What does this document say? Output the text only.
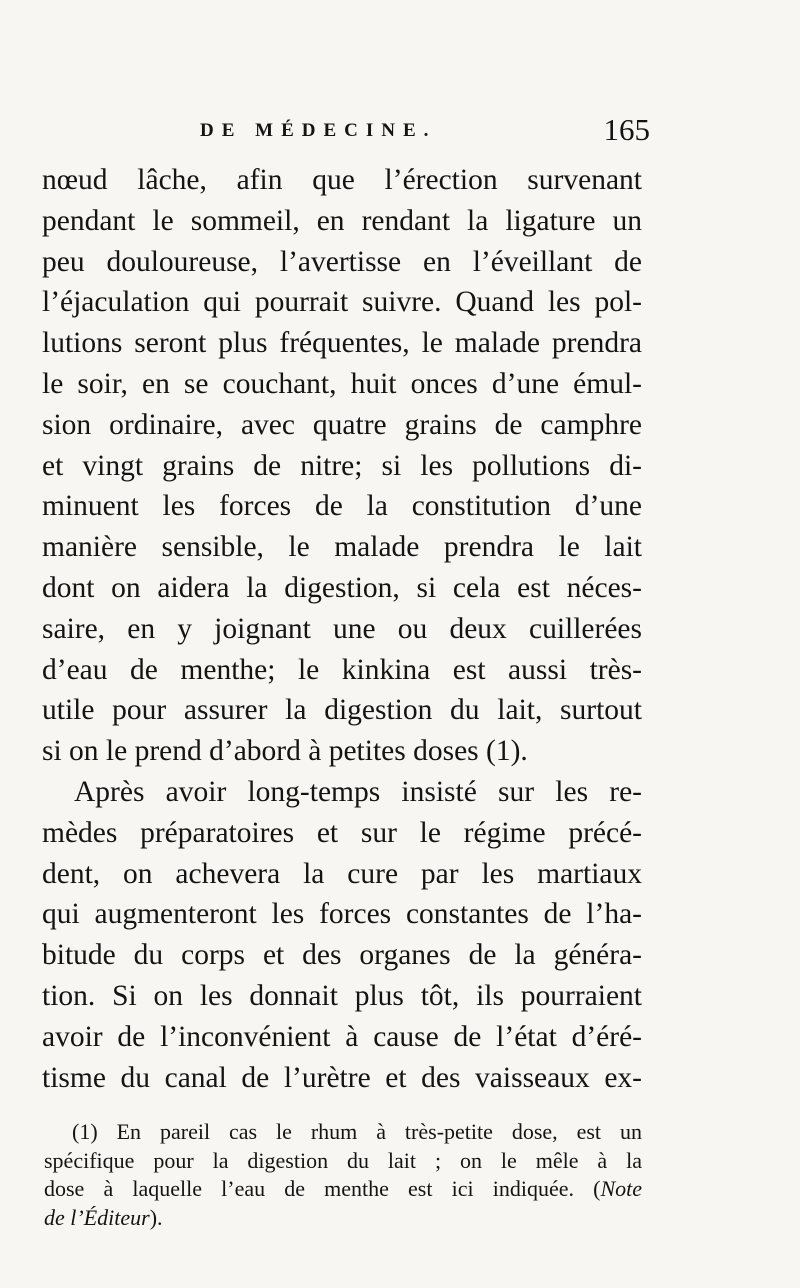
DE MÉDECINE.	165
nœud lâche, afin que l’érection survenant
pendant le sommeil, en rendant la ligature un
peu douloureuse, l’avertisse en l’éveillant de
l’éjaculation qui pourrait suivre. Quand les pol-
lutions seront plus fréquentes, le malade prendra
le soir, en se couchant, huit onces d’une émul-
sion ordinaire, avec quatre grains de camphre
et vingt grains de nitre; si les pollutions di-
minuent les forces de la constitution d’une
manière sensible, le malade prendra le lait
dont on aidera la digestion, si cela est néces-
saire, en y joignant une ou deux cuillerées
d’eau de menthe; le kinkina est aussi très-
utile pour assurer la digestion du lait, surtout
si on le prend d’abord à petites doses (1).
Après avoir long-temps insisté sur les re-
mèdes préparatoires et sur le régime précé-
dent, on achevera la cure par les martiaux
qui augmenteront les forces constantes de l’ha-
bitude du corps et des organes de la généra-
tion. Si on les donnait plus tôt, ils pourraient
avoir de l’inconvénient à cause de l’état d’éré-
tisme du canal de l’urètre et des vaisseaux ex-
(1) En pareil cas le rhum à très-petite dose, est un
spécifique pour la digestion du lait ; on le mêle à la
dose à laquelle l’eau de menthe est ici indiquée. (Note
de l’Éditeur).
